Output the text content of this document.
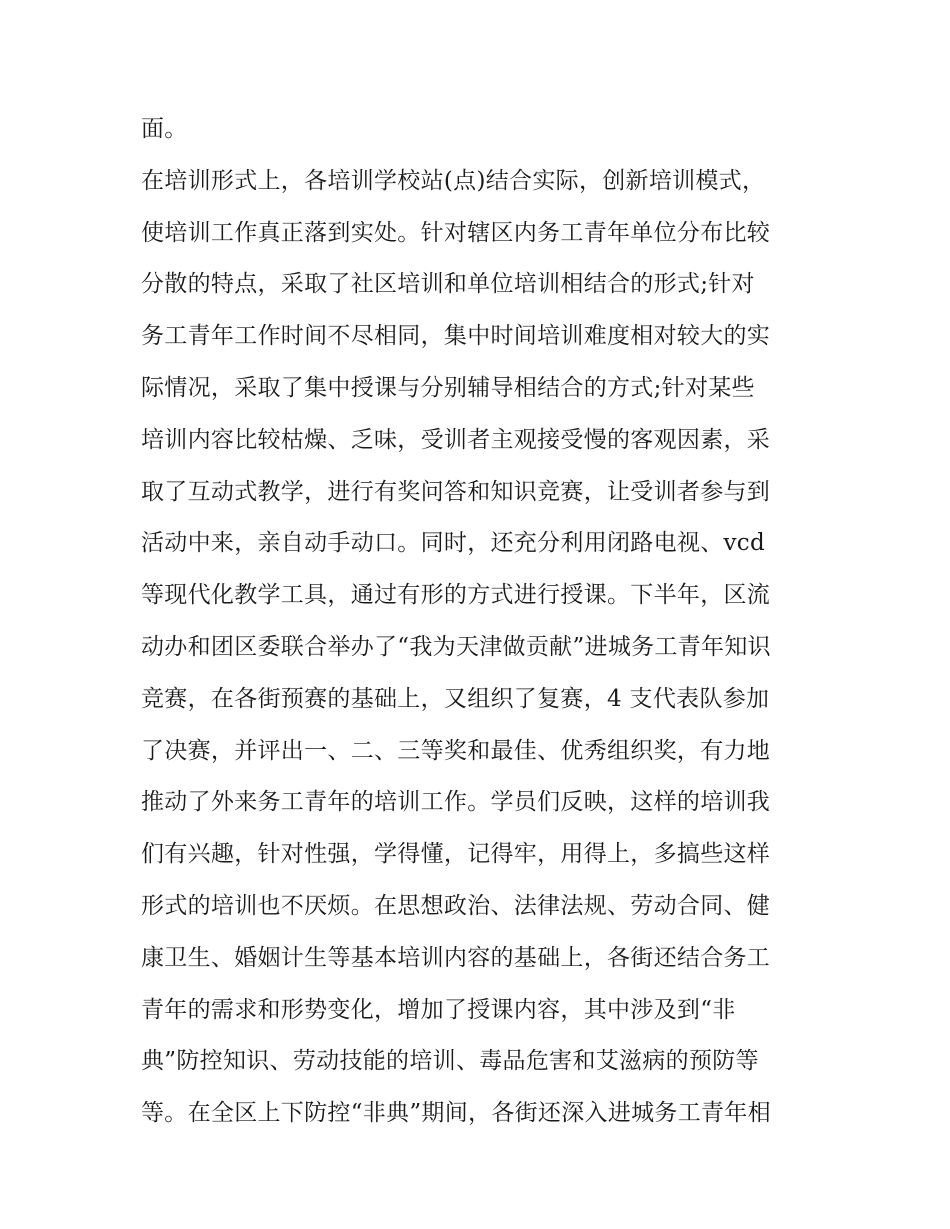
面。
在培训形式上，各培训学校站(点)结合实际，创新培训模式，
使培训工作真正落到实处。针对辖区内务工青年单位分布比较
分散的特点，采取了社区培训和单位培训相结合的形式;针对
务工青年工作时间不尽相同，集中时间培训难度相对较大的实
际情况，采取了集中授课与分别辅导相结合的方式;针对某些
培训内容比较枯燥、乏味，受训者主观接受慢的客观因素，采
取了互动式教学，进行有奖问答和知识竞赛，让受训者参与到
活动中来，亲自动手动口。同时，还充分利用闭路电视、vcd
等现代化教学工具，通过有形的方式进行授课。下半年，区流
动办和团区委联合举办了“我为天津做贡献”进城务工青年知识
竞赛，在各街预赛的基础上，又组织了复赛，4 支代表队参加
了决赛，并评出一、二、三等奖和最佳、优秀组织奖，有力地
推动了外来务工青年的培训工作。学员们反映，这样的培训我
们有兴趣，针对性强，学得懂，记得牢，用得上，多搞些这样
形式的培训也不厌烦。在思想政治、法律法规、劳动合同、健
康卫生、婚姻计生等基本培训内容的基础上，各街还结合务工
青年的需求和形势变化，增加了授课内容，其中涉及到“非
典”防控知识、劳动技能的培训、毒品危害和艾滋病的预防等
等。在全区上下防控“非典”期间，各街还深入进城务工青年相
